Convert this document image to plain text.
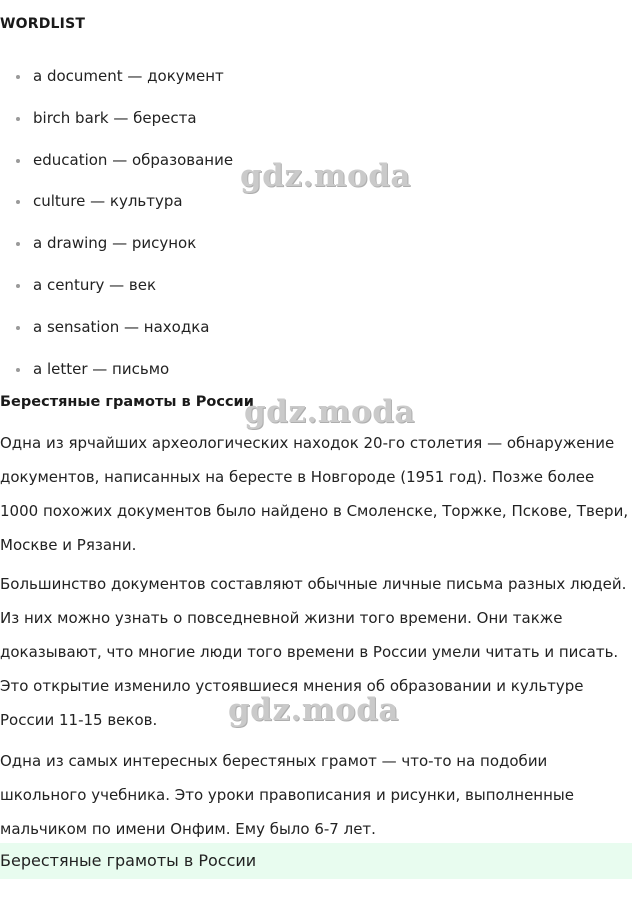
WORDLIST
a document — документ
birch bark — береста
education — образование
culture — культура
a drawing — рисунок
a century — век
a sensation — находка
a letter — письмо
Берестяные грамоты в России

Одна из ярчайших археологических находок 20-го столетия — обнаружение документов, написанных на бересте в Новгороде (1951 год). Позже более 1000 похожих документов было найдено в Смоленске, Торжке, Пскове, Твери, Москве и Рязани.

Большинство документов составляют обычные личные письма разных людей. Из них можно узнать о повседневной жизни того времени. Они также доказывают, что многие люди того времени в России умели читать и писать. Это открытие изменило устоявшиеся мнения об образовании и культуре России 11-15 веков.

Одна из самых интересных берестяных грамот — что-то на подобии школьного учебника. Это уроки правописания и рисунки, выполненные мальчиком по имени Онфим. Ему было 6-7 лет.

Берестяные грамоты в России
gdz.moda
gdz.moda
gdz.moda
